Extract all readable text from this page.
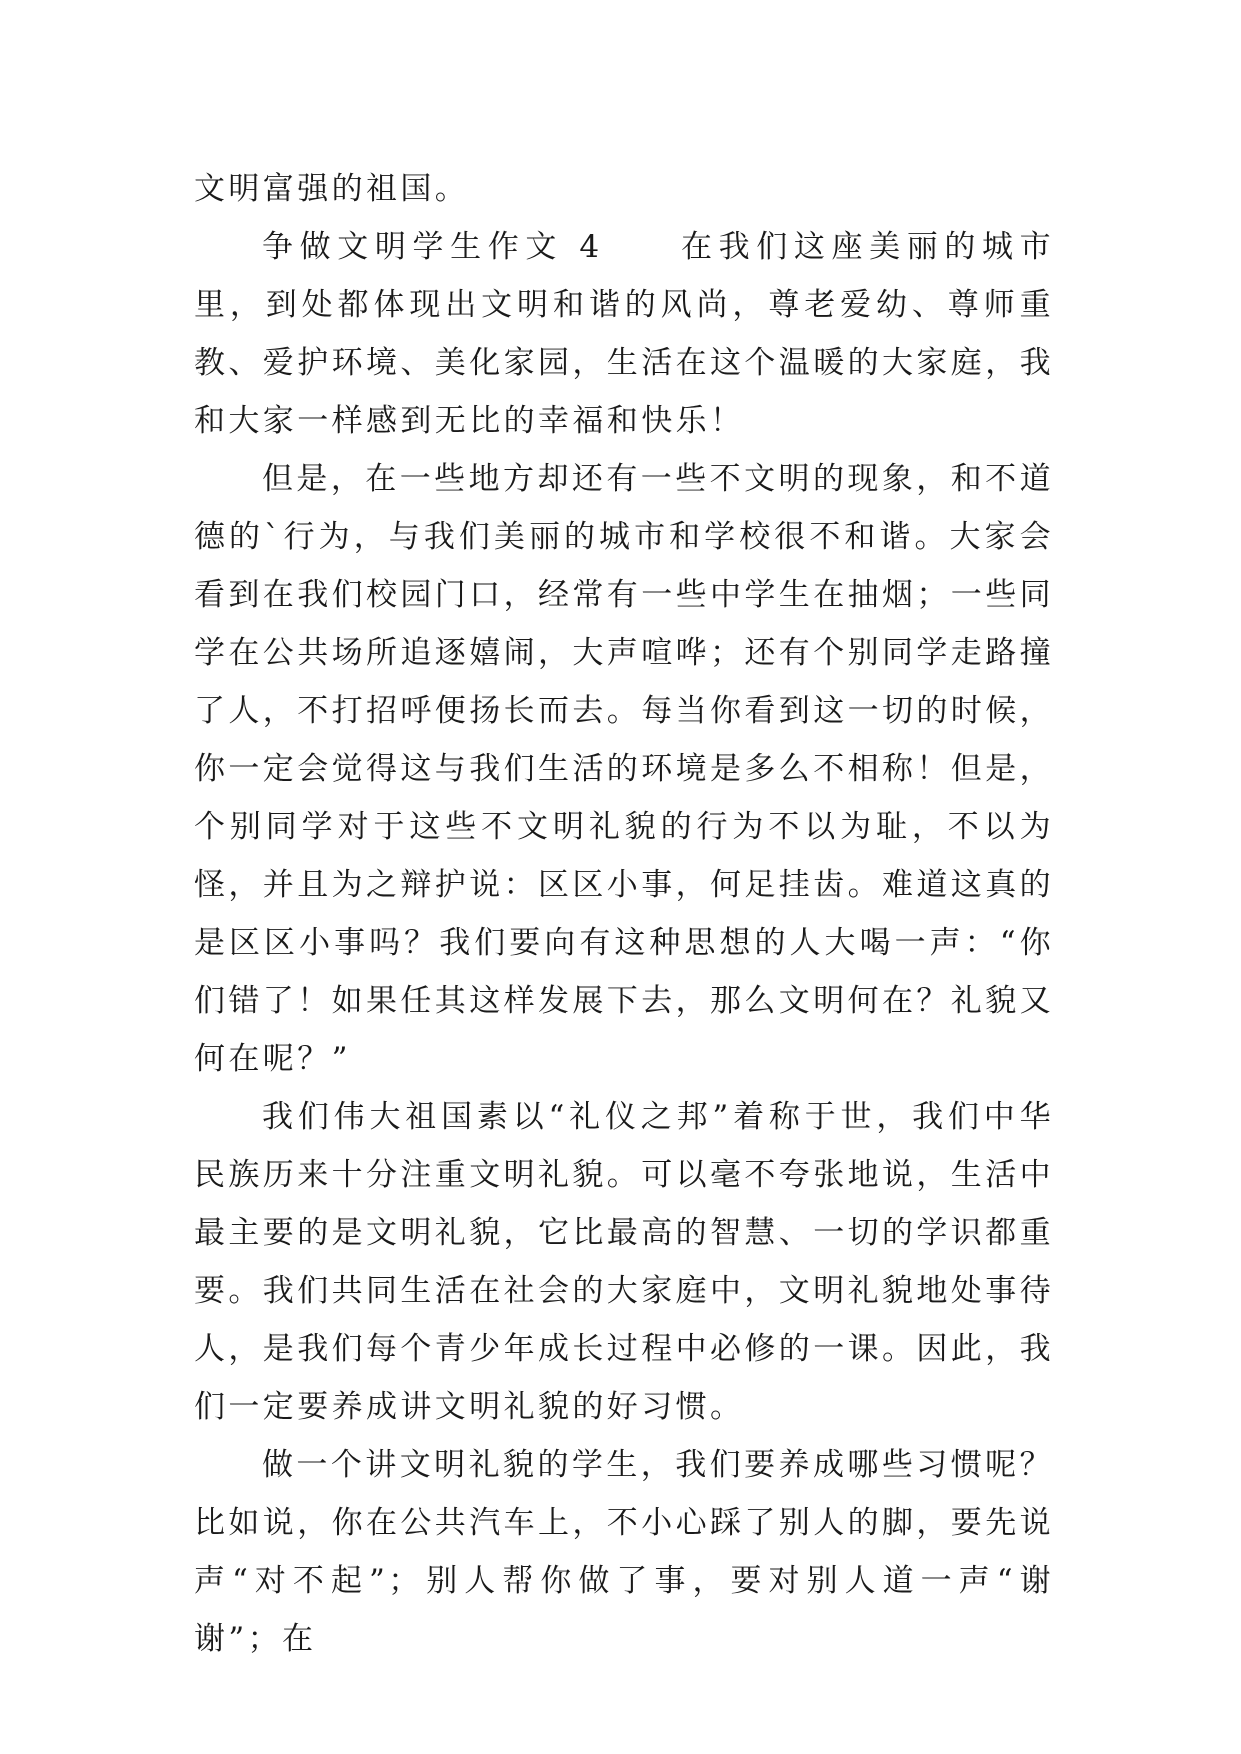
文明富强的祖国。

争做文明学生作文 4　　在我们这座美丽的城市里，到处都体现出文明和谐的风尚，尊老爱幼、尊师重教、爱护环境、美化家园，生活在这个温暖的大家庭，我和大家一样感到无比的幸福和快乐！

但是，在一些地方却还有一些不文明的现象，和不道德的`行为，与我们美丽的城市和学校很不和谐。大家会看到在我们校园门口，经常有一些中学生在抽烟；一些同学在公共场所追逐嬉闹，大声喧哗；还有个别同学走路撞了人，不打招呼便扬长而去。每当你看到这一切的时候，你一定会觉得这与我们生活的环境是多么不相称！但是，个别同学对于这些不文明礼貌的行为不以为耻，不以为怪，并且为之辩护说：区区小事，何足挂齿。难道这真的是区区小事吗？我们要向有这种思想的人大喝一声：“你们错了！如果任其这样发展下去，那么文明何在？礼貌又何在呢？”

我们伟大祖国素以“礼仪之邦”着称于世，我们中华民族历来十分注重文明礼貌。可以毫不夸张地说，生活中最主要的是文明礼貌，它比最高的智慧、一切的学识都重要。我们共同生活在社会的大家庭中，文明礼貌地处事待人，是我们每个青少年成长过程中必修的一课。因此，我们一定要养成讲文明礼貌的好习惯。

做一个讲文明礼貌的学生，我们要养成哪些习惯呢？比如说，你在公共汽车上，不小心踩了别人的脚，要先说声“对不起”；别人帮你做了事，要对别人道一声“谢谢”；在
